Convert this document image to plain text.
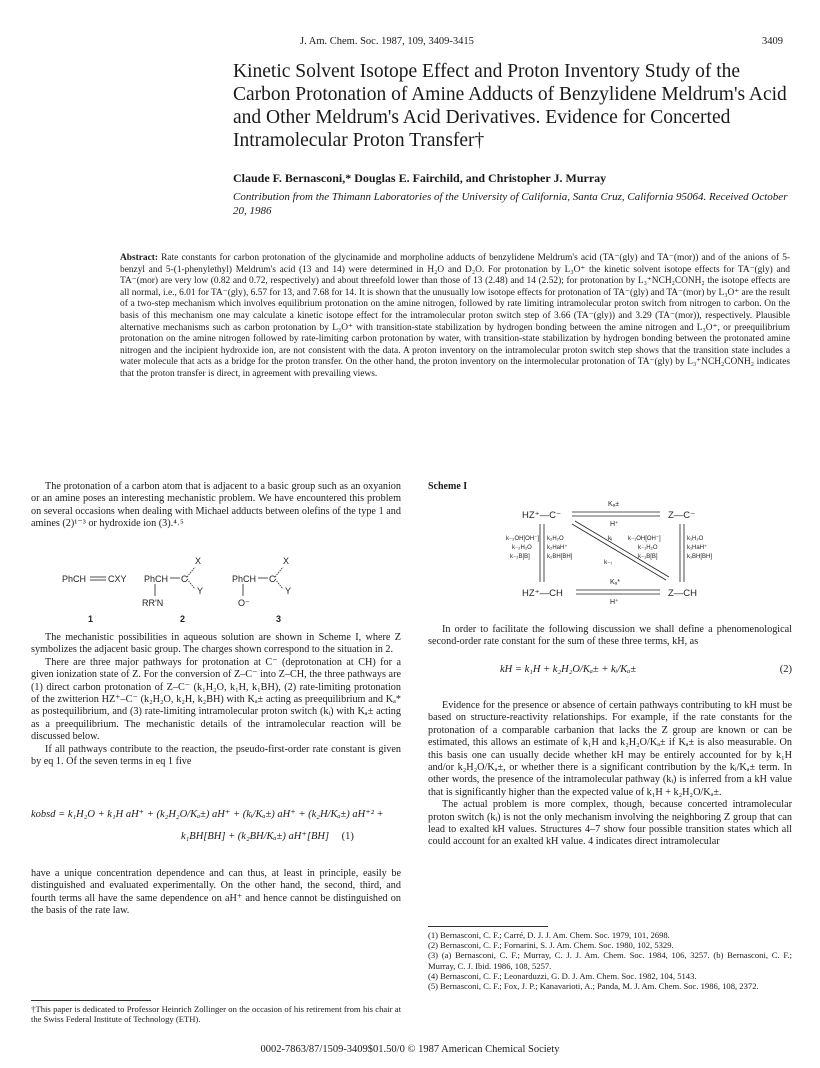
J. Am. Chem. Soc. 1987, 109, 3409-3415	3409
Kinetic Solvent Isotope Effect and Proton Inventory Study of the Carbon Protonation of Amine Adducts of Benzylidene Meldrum's Acid and Other Meldrum's Acid Derivatives. Evidence for Concerted Intramolecular Proton Transfer†
Claude F. Bernasconi,* Douglas E. Fairchild, and Christopher J. Murray
Contribution from the Thimann Laboratories of the University of California, Santa Cruz, California 95064. Received October 20, 1986
Abstract: Rate constants for carbon protonation of the glycinamide and morpholine adducts of benzylidene Meldrum's acid (TA⁻(gly) and TA⁻(mor)) and of the anions of 5-benzyl and 5-(1-phenylethyl) Meldrum's acid (13 and 14) were determined in H₂O and D₂O. For protonation by L₃O⁺ the kinetic solvent isotope effects for TA⁻(gly) and TA⁻(mor) are very low (0.82 and 0.72, respectively) and about threefold lower than those of 13 (2.48) and 14 (2.52); for protonation by L₃⁺NCH₂CONH₂ the isotope effects are all normal, i.e., 6.01 for TA⁻(gly), 6.57 for 13, and 7.68 for 14. It is shown that the unusually low isotope effects for protonation of TA⁻(gly) and TA⁻(mor) by L₃O⁺ are the result of a two-step mechanism which involves equilibrium protonation on the amine nitrogen, followed by rate limiting intramolecular proton switch from nitrogen to carbon. On the basis of this mechanism one may calculate a kinetic isotope effect for the intramolecular proton switch step of 3.66 (TA⁻(gly)) and 3.29 (TA⁻(mor)), respectively. Plausible alternative mechanisms such as carbon protonation by L₃O⁺ with transition-state stabilization by hydrogen bonding between the amine nitrogen and L₃O⁺, or preequilibrium protonation on the amine nitrogen followed by rate-limiting carbon protonation by water, with transition-state stabilization by hydrogen bonding between the protonated amine nitrogen and the incipient hydroxide ion, are not consistent with the data. A proton inventory on the intramolecular proton switch step shows that the transition state includes a water molecule that acts as a bridge for the proton transfer. On the other hand, the proton inventory on the intermolecular protonation of TA⁻(gly) by L₃⁺NCH₂CONH₂ indicates that the proton transfer is direct, in agreement with prevailing views.

The protonation of a carbon atom that is adjacent to a basic group such as an oxyanion or an amine poses an interesting mechanistic problem. We have encountered this problem on several occasions when dealing with Michael adducts between olefins of the type 1 and amines (2)¹⁻³ or hydroxide ion (3).⁴˒⁵

PhCH CXY PhCH C
X
Y
RR'N
PhCH C
X
Y
O⁻
1	2	3

The mechanistic possibilities in aqueous solution are shown in Scheme I, where Z symbolizes the adjacent basic group. The charges shown correspond to the situation in 2.

There are three major pathways for protonation at C⁻ (deprotonation at CH) for a given ionization state of Z. For the conversion of Z–C⁻ into Z–CH, the three pathways are (1) direct carbon protonation of Z–C⁻ (k₁H₂O, k₁H, k₁BH), (2) rate-limiting protonation of the zwitterion HZ⁺–C⁻ (k₂H₂O, k₂H, k₂BH) with Kₐ± acting as preequilibrium and Kₐ* as postequilibrium, and (3) rate-limiting intramolecular proton switch (kᵢ) with Kₐ± acting as a preequilibrium. The mechanistic details of the intramolecular reaction will be discussed below.

If all pathways contribute to the reaction, the pseudo-first-order rate constant is given by eq 1. Of the seven terms in eq 1 five

kobsd = k₁H₂O + k₁H aH⁺ + (k₂H₂O/Kₐ±) aH⁺ + (kᵢ/Kₐ±) aH⁺ + (k₂H/Kₐ±) aH⁺² +
k₁BH[BH] + (k₂BH/Kₐ±) aH⁺[BH] (1)

have a unique concentration dependence and can thus, at least in principle, easily be distinguished and evaluated experimentally. On the other hand, the second, third, and fourth terms all have the same dependence on aH⁺ and hence cannot be distinguished on the basis of the rate law.

†This paper is dedicated to Professor Heinrich Zollinger on the occasion of his retirement from his chair at the Swiss Federal Institute of Technology (ETH).
Scheme I
HZ⁺—C⁻	Z—C⁻
HZ⁺—CH	Z—CH
Kₐ±
H⁺
Kₐ*
H⁺
k₋₂OH[OH⁻]
k₋₂H₂O
k₋₂B[B]
k₂H₂O
k₂HaH⁺
k₂BH[BH]
kᵢ
k₋ᵢ
k₋₁OH[OH⁻]
k₋₁H₂O
k₋₁B[B]
k₁H₂O
k₁HaH⁺
k₁BH[BH]

In order to facilitate the following discussion we shall define a phenomenological second-order rate constant for the sum of these three terms, kH, as

kH = k₁H + k₂H₂O/Kₐ± + kᵢ/Kₐ±	(2)

Evidence for the presence or absence of certain pathways contributing to kH must be based on structure-reactivity relationships. For example, if the rate constants for the protonation of a comparable carbanion that lacks the Z group are known or can be estimated, this allows an estimate of k₁H and k₂H₂O/Kₐ± if Kₐ± is also measurable. On this basis one can usually decide whether kH may be entirely accounted for by k₁H and/or k₂H₂O/Kₐ±, or whether there is a significant contribution by the kᵢ/Kₐ± term. In other words, the presence of the intramolecular pathway (kᵢ) is inferred from a kH value that is significantly higher than the expected value of k₁H + k₂H₂O/Kₐ±.

The actual problem is more complex, though, because concerted intramolecular proton switch (kᵢ) is not the only mechanism involving the neighboring Z group that can lead to exalted kH values. Structures 4–7 show four possible transition states which all could account for an exalted kH value. 4 indicates direct intramolecular

(1) Bernasconi, C. F.; Carré, D. J. J. Am. Chem. Soc. 1979, 101, 2698.
(2) Bernasconi, C. F.; Fornarini, S. J. Am. Chem. Soc. 1980, 102, 5329.
(3) (a) Bernasconi, C. F.; Murray, C. J. J. Am. Chem. Soc. 1984, 106, 3257. (b) Bernasconi, C. F.; Murray, C. J. Ibid. 1986, 108, 5257.
(4) Bernasconi, C. F.; Leonarduzzi, G. D. J. Am. Chem. Soc. 1982, 104, 5143.
(5) Bernasconi, C. F.; Fox, J. P.; Kanavarioti, A.; Panda, M. J. Am. Chem. Soc. 1986, 108, 2372.
0002-7863/87/1509-3409$01.50/0 © 1987 American Chemical Society
